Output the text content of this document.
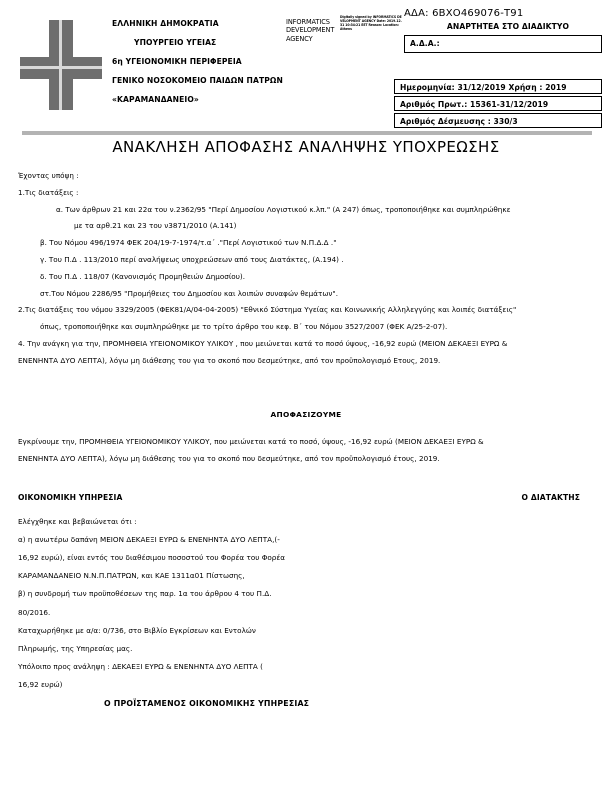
ΕΛΛΗΝΙΚΗ ΔΗΜΟΚΡΑΤΙΑ
ΥΠΟΥΡΓΕΙΟ ΥΓΕΙΑΣ
6η ΥΓΕΙΟΝΟΜΙΚΗ ΠΕΡΙΦΕΡΕΙΑ
ΓΕΝΙΚΟ ΝΟΣΟΚΟΜΕΙΟ ΠΑΙΔΩΝ ΠΑΤΡΩΝ
«ΚΑΡΑΜΑΝΔΑΝΕΙΟ»
INFORMATICS DEVELOPMENT AGENCY
Digitally signed by INFORMATICS DEVELOPMENT AGENCY Date: 2019.12.31 10:34:21 EET Reason: Location: Athens
ΑΔΑ: 6ΒΧΟ469076-Τ91
ΑΝΑΡΤΗΤΕΑ ΣΤΟ ΔΙΑΔΙΚΤΥΟ
Α.Δ.Α.:
Ημερομηνία: 31/12/2019 Χρήση : 2019
Αριθμός Πρωτ.: 15361-31/12/2019
Αριθμός Δέσμευσης : 330/3
ΑΝΑΚΛΗΣΗ ΑΠΟΦΑΣΗΣ ΑΝΑΛΗΨΗΣ ΥΠΟΧΡΕΩΣΗΣ
Έχοντας υπόψη :
1.Τις διατάξεις :
α. Των άρθρων 21 και 22α του ν.2362/95 "Περί Δημοσίου Λογιστικού κ.λπ." (Α 247) όπως, τροποποιήθηκε και συμπληρώθηκε
με τα αρθ.21 και 23 του ν3871/2010 (Α.141)
β. Του Νόμου 496/1974 ΦΕΚ 204/19-7-1974/τ.α΄ ."Περί Λογιστικού των Ν.Π.Δ.Δ ."
γ. Του Π.Δ . 113/2010 περί αναλήψεως υποχρεώσεων από τους Διατάκτες, (Α.194) .
δ. Του Π.Δ . 118/07 (Κανονισμός Προμηθειών Δημοσίου).
στ.Του Νόμου 2286/95 "Προμήθειες του Δημοσίου και λοιπών συναφών θεμάτων".
2.Τις διατάξεις του νόμου 3329/2005 (ΦΕΚ81/Α/04-04-2005) "Εθνικό Σύστημα Υγείας και Κοινωνικής Αλληλεγγύης και λοιπές διατάξεις"
όπως, τροποποιήθηκε και συμπληρώθηκε με το τρίτο άρθρο του κεφ. Β΄ του Νόμου 3527/2007 (ΦΕΚ Α/25-2-07).
4. Την ανάγκη για την, ΠΡΟΜΗΘΕΙΑ ΥΓΕΙΟΝΟΜΙΚΟΥ ΥΛΙΚΟΥ , που μειώνεται κατά το ποσό ύψους, -16,92 ευρώ (ΜΕΙΟΝ ΔΕΚΑΕΞΙ ΕΥΡΩ &
ΕΝΕΝΗΝΤΑ ΔΥΟ ΛΕΠΤΑ), λόγω μη διάθεσης του για το σκοπό που δεσμεύτηκε, από τον προϋπολογισμό Ετους, 2019.
ΑΠΟΦΑΣΙΖΟΥΜΕ
Εγκρίνουμε την, ΠΡΟΜΗΘΕΙΑ ΥΓΕΙΟΝΟΜΙΚΟΥ ΥΛΙΚΟΥ, που μειώνεται κατά το ποσό, ύψους, -16,92 ευρώ (ΜΕΙΟΝ ΔΕΚΑΕΞΙ ΕΥΡΩ &
ΕΝΕΝΗΝΤΑ ΔΥΟ ΛΕΠΤΑ), λόγω μη διάθεσης του για το σκοπό που δεσμεύτηκε, από τον προϋπολογισμό έτους, 2019.
ΟΙΚΟΝΟΜΙΚΗ ΥΠΗΡΕΣΙΑ	Ο ΔΙΑΤΑΚΤΗΣ
Ελέγχθηκε και βεβαιώνεται ότι :
α) η ανωτέρω δαπάνη ΜΕΙΟΝ ΔΕΚΑΕΞΙ ΕΥΡΩ & ΕΝΕΝΗΝΤΑ ΔΥΟ ΛΕΠΤΑ,(-
16,92 ευρώ), είναι εντός του διαθέσιμου ποσοστού του Φορέα του Φορέα
ΚΑΡΑΜΑΝΔΑΝΕΙΟ Ν.Ν.Π.ΠΑΤΡΩΝ, και ΚΑΕ 1311α01 Πίστωσης,
β) η συνδρομή των προϋποθέσεων της παρ. 1α του άρθρου 4 του Π.Δ.
80/2016.
Καταχωρήθηκε με α/α: 0/736, στο Βιβλίο Εγκρίσεων και Εντολών
Πληρωμής, της Υπηρεσίας μας.
Υπόλοιπο προς ανάληψη : ΔΕΚΑΕΞΙ ΕΥΡΩ & ΕΝΕΝΗΝΤΑ ΔΥΟ ΛΕΠΤΑ (
16,92 ευρώ)
Ο ΠΡΟΪΣΤΑΜΕΝΟΣ ΟΙΚΟΝΟΜΙΚΗΣ ΥΠΗΡΕΣΙΑΣ
